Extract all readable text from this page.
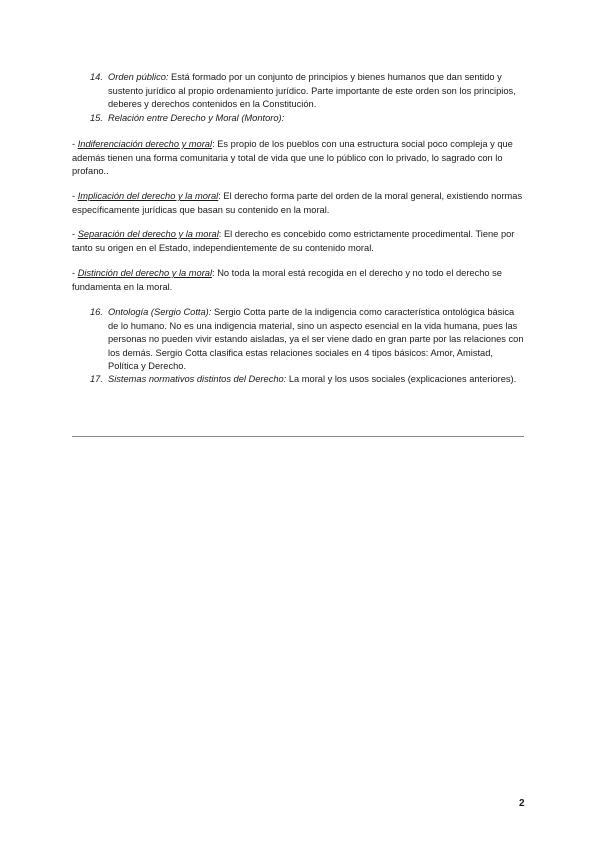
14. Orden público: Está formado por un conjunto de principios y bienes humanos que dan sentido y sustento jurídico al propio ordenamiento jurídico. Parte importante de este orden son los principios, deberes y derechos contenidos en la Constitución.
15. Relación entre Derecho y Moral (Montoro):
- Indiferenciación derecho y moral: Es propio de los pueblos con una estructura social poco compleja y que además tienen una forma comunitaria y total de vida que une lo público con lo privado, lo sagrado con lo profano..
- Implicación del derecho y la moral: El derecho forma parte del orden de la moral general, existiendo normas específicamente jurídicas que basan su contenido en la moral.
- Separación del derecho y la moral: El derecho es concebido como estrictamente procedimental. Tiene por tanto su origen en el Estado, independientemente de su contenido moral.
- Distinción del derecho y la moral: No toda la moral está recogida en el derecho y no todo el derecho se fundamenta en la moral.
16. Ontología (Sergio Cotta): Sergio Cotta parte de la indigencia como característica ontológica básica de lo humano. No es una indigencia material, sino un aspecto esencial en la vida humana, pues las personas no pueden vivir estando aisladas, ya el ser viene dado en gran parte por las relaciones con los demás. Sergio Cotta clasifica estas relaciones sociales en 4 tipos básicos: Amor, Amistad, Política y Derecho.
17. Sistemas normativos distintos del Derecho: La moral y los usos sociales (explicaciones anteriores).
2
